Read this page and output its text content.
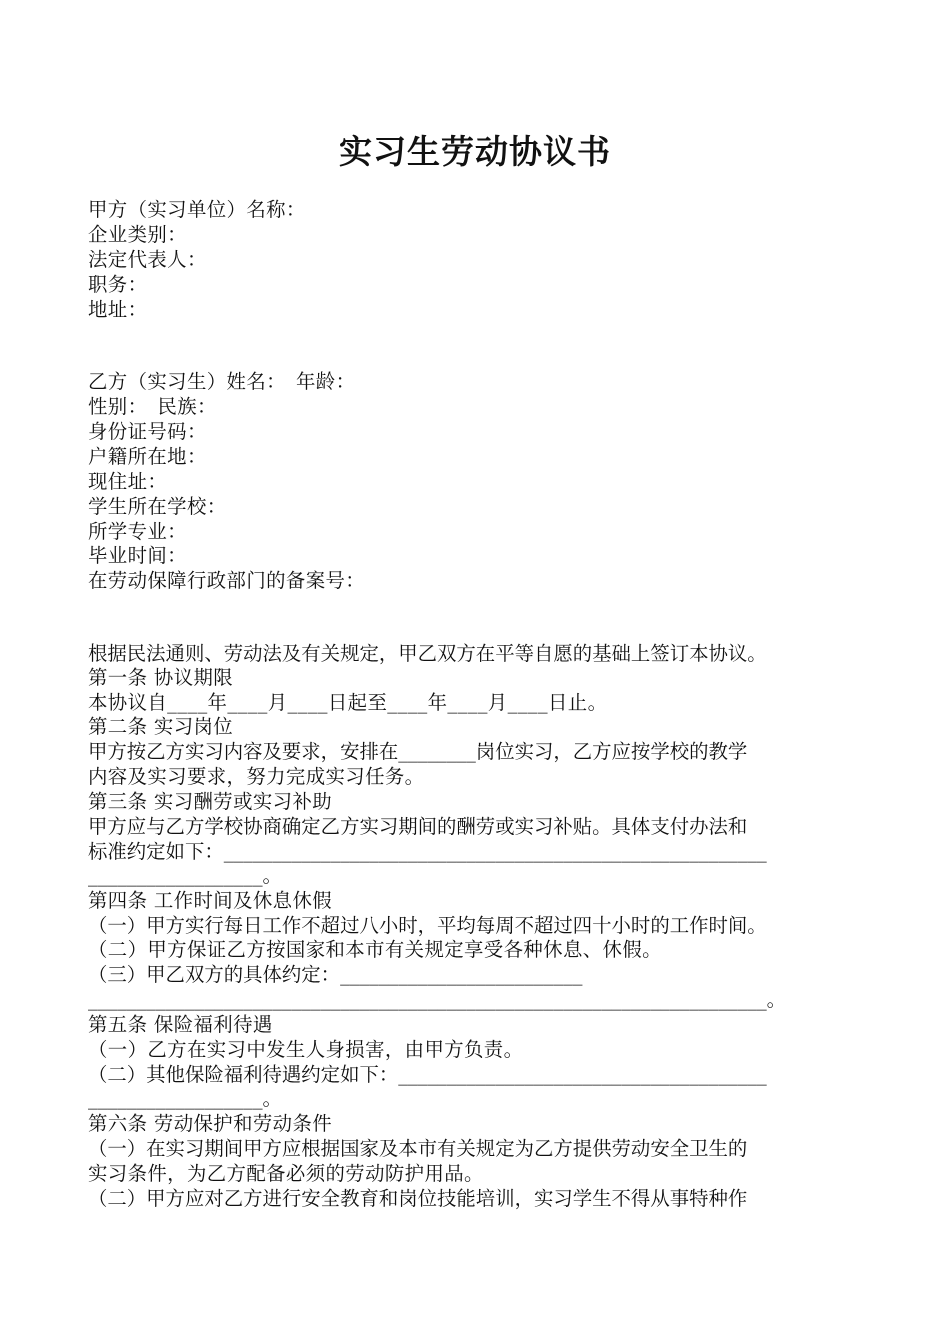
实习生劳动协议书
甲方（实习单位）名称：
企业类别：
法定代表人：
职务：
地址：
乙方（实习生）姓名：　年龄：
性别：　民族：
身份证号码：
户籍所在地：
现住址：
学生所在学校：
所学专业：
毕业时间：
在劳动保障行政部门的备案号：
根据民法通则、劳动法及有关规定，甲乙双方在平等自愿的基础上签订本协议。
第一条 协议期限
本协议自____年____月____日起至____年____月____日止。
第二条 实习岗位
甲方按乙方实习内容及要求，安排在________岗位实习，乙方应按学校的教学
内容及实习要求，努力完成实习任务。
第三条 实习酬劳或实习补助
甲方应与乙方学校协商确定乙方实习期间的酬劳或实习补贴。具体支付办法和
标准约定如下：________________________________________________________
__________________。
第四条 工作时间及休息休假
（一）甲方实行每日工作不超过八小时，平均每周不超过四十小时的工作时间。
（二）甲方保证乙方按国家和本市有关规定享受各种休息、休假。
（三）甲乙双方的具体约定：_________________________
______________________________________________________________________。
第五条 保险福利待遇
（一）乙方在实习中发生人身损害，由甲方负责。
（二）其他保险福利待遇约定如下：______________________________________
__________________。
第六条 劳动保护和劳动条件
（一）在实习期间甲方应根据国家及本市有关规定为乙方提供劳动安全卫生的
实习条件，为乙方配备必须的劳动防护用品。
（二）甲方应对乙方进行安全教育和岗位技能培训，实习学生不得从事特种作
